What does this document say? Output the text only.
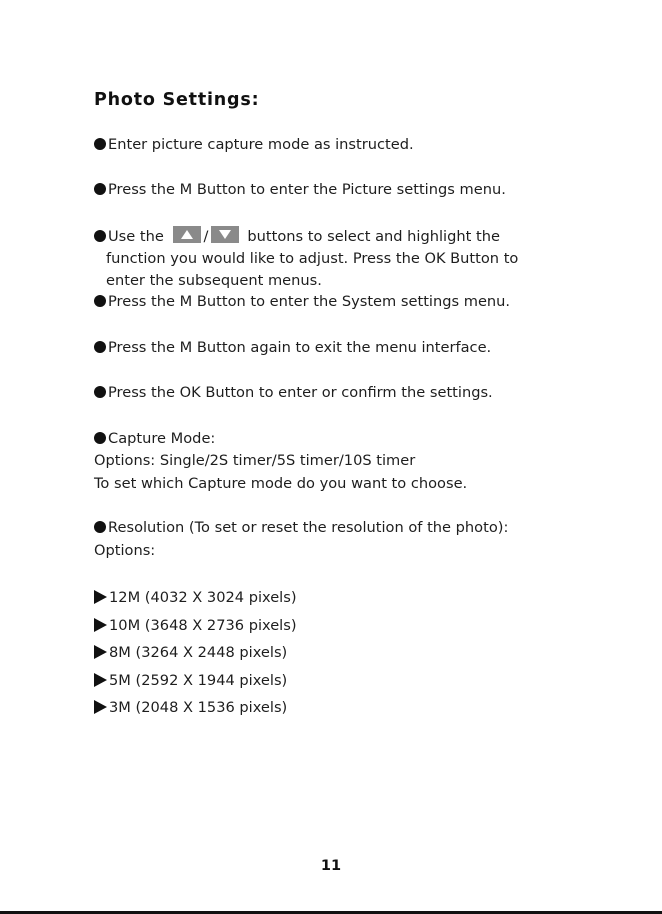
Photo Settings:
Enter picture capture mode as instructed.
Press the M Button to enter the Picture settings menu.
Use the	/	buttons to select and highlight the
function you would like to adjust. Press the OK Button to
enter the subsequent menus.
Press the M Button to enter the System settings menu.
Press the M Button again to exit the menu interface.
Press the OK Button to enter or confirm the settings.
Capture Mode:
Options: Single/2S timer/5S timer/10S timer
To set which Capture mode do you want to choose.
Resolution (To set or reset the resolution of the photo):
Options:
12M (4032 X 3024 pixels)
10M (3648 X 2736 pixels)
8M (3264 X 2448 pixels)
5M (2592 X 1944 pixels)
3M (2048 X 1536 pixels)
11
